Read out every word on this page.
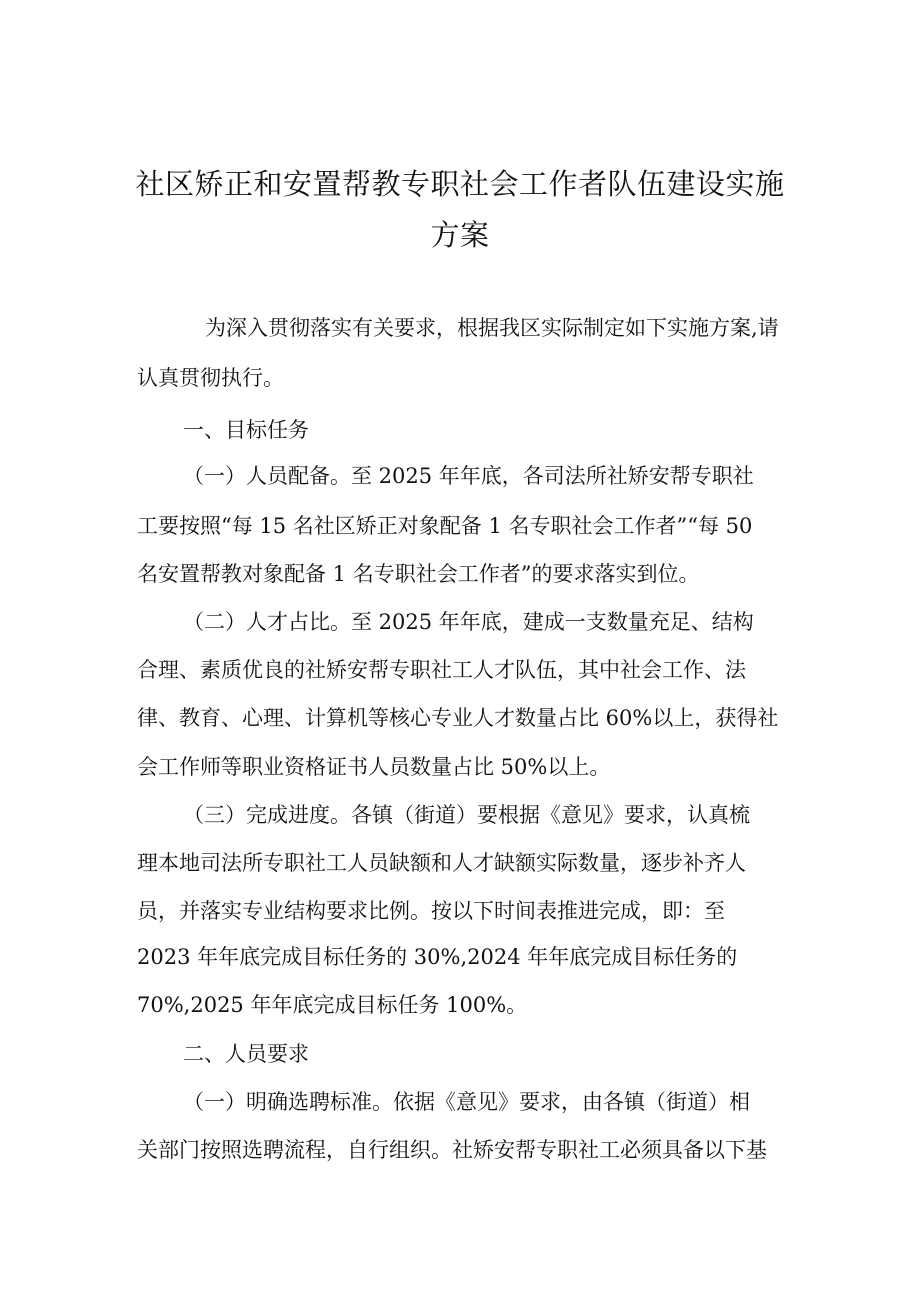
社区矫正和安置帮教专职社会工作者队伍建设实施
方案
为深入贯彻落实有关要求，根据我区实际制定如下实施方案,请
认真贯彻执行。
一、目标任务
（一）人员配备。至 2025 年年底，各司法所社矫安帮专职社
工要按照“每 15 名社区矫正对象配备 1 名专职社会工作者”“每 50
名安置帮教对象配备 1 名专职社会工作者”的要求落实到位。
（二）人才占比。至 2025 年年底，建成一支数量充足、结构
合理、素质优良的社矫安帮专职社工人才队伍，其中社会工作、法
律、教育、心理、计算机等核心专业人才数量占比 60%以上，获得社
会工作师等职业资格证书人员数量占比 50%以上。
（三）完成进度。各镇（街道）要根据《意见》要求，认真梳
理本地司法所专职社工人员缺额和人才缺额实际数量，逐步补齐人
员，并落实专业结构要求比例。按以下时间表推进完成，即：至
2023 年年底完成目标任务的 30%,2024 年年底完成目标任务的
70%,2025 年年底完成目标任务 100%。
二、人员要求
（一）明确选聘标准。依据《意见》要求，由各镇（街道）相
关部门按照选聘流程，自行组织。社矫安帮专职社工必须具备以下基
